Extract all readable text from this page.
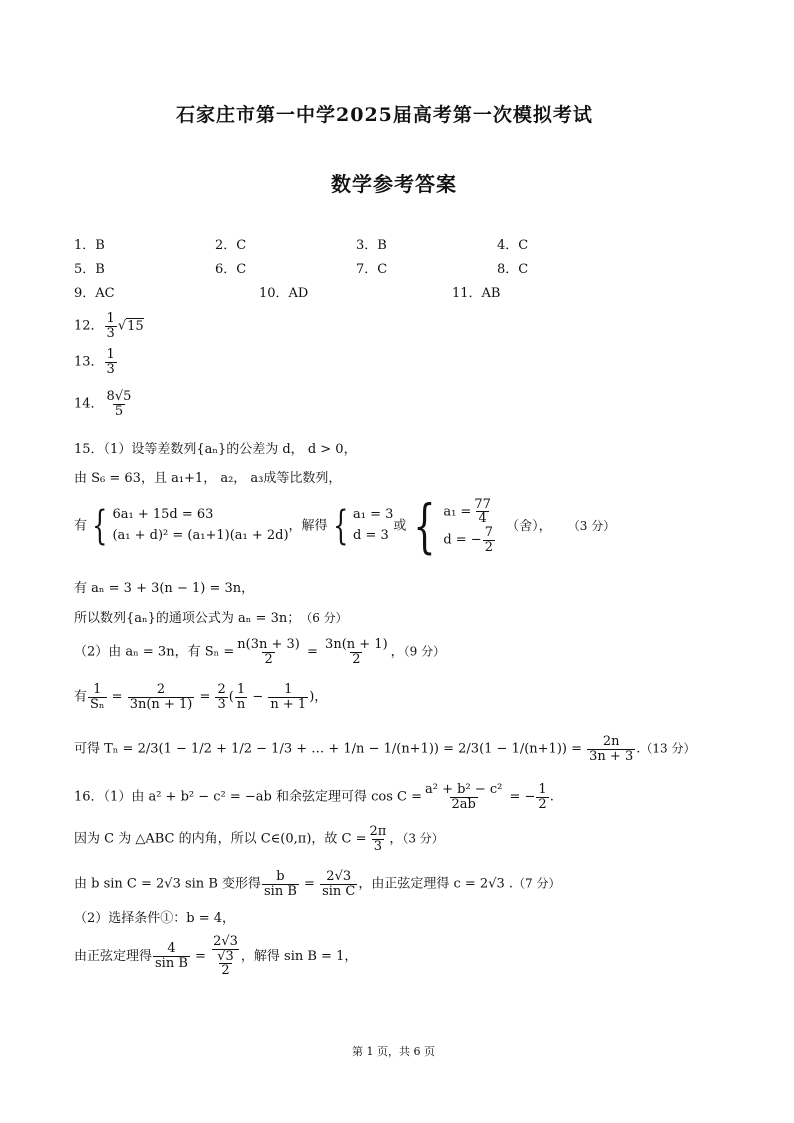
石家庄市第一中学2025届高考第一次模拟考试
数学参考答案
1．B	2．C	3．B	4．C
5．B	6．C	7．C	8．C
9．AC	10．AD	11．AB
12． $\frac{1}{3} √15$
13． $\frac{1}{3}$
14． $\frac{8√5}{5}$
15．（1）设等差数列{aₙ}的公差为 d， d > 0，
由 S₆ = 63，且 a₁+1， a₂， a₃成等比数列，
有 { 6a₁ + 15d = 63
(a₁ + d)² = (a₁+1)(a₁ + 2d)
，解得 { a₁ = 3
d = 3
或 { $a_1 = \frac{77}{4}$
d = − $\frac{7}{2}$ （舍）， （3 分）
有 aₙ = 3 + 3(n − 1) = 3n，
所以数列{aₙ}的通项公式为 aₙ = 3n； （6 分）
（2）由 aₙ = 3n，有 $S_n = \frac{n(3n + 3)}{2} = \frac{3n(n + 1)}{2}$ ，（9 分）
有 $\frac{1}{\text{Sₙ}} = \frac{2}{3n(n + 1)} = \frac{2}{3}$ ( $\frac{1}{n} - \frac{1}{n + 1}$ )，
可得 Tₙ = 2/3(1 − 1/2 + 1/2 − 1/3 + … + $1/n - 1/(n+1)) = 2/3(1 - 1/(n+1)) = \frac{2n}{3n + 3} .(13$ 分）
16．（1）由 a² + b² − c² = −ab 和余弦定理可得 $\cos C = \frac{\text{a² + b² − c²}}{2ab}$ = − $\frac{1}{2}$ .
因为 C 为 △ABC 的内角，所以 C∈(0,π)，故 $C = \frac{2\pi}{3}$ ，（3 分）
由 b sin C = 2√3 sin B 变形得 $\frac{b}{\text{sin B}} = \frac{2√3}{\text{sin C}}$ ，由正弦定理得 c = 2√3 .（7 分）
（2）选择条件①：b = 4，
由正弦定理得 $\frac{4}{\text{sin B}} = \frac{2√3}{\frac{√3}{2}}$ ，解得 sin B = 1，
第 1 页，共 6 页
